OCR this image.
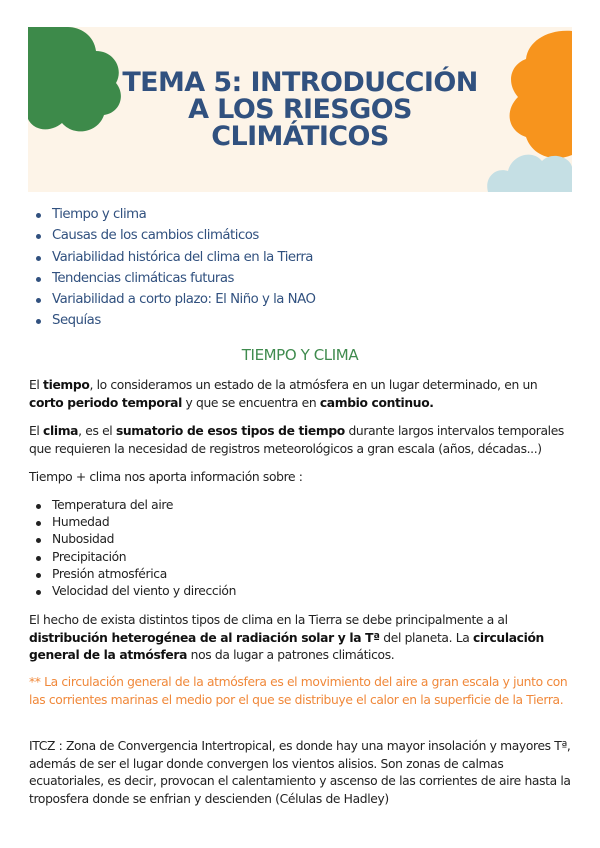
TEMA 5: INTRODUCCIÓN
A LOS RIESGOS
CLIMÁTICOS
Tiempo y clima
Causas de los cambios climáticos
Variabilidad histórica del clima en la Tierra
Tendencias climáticas futuras
Variabilidad a corto plazo: El Niño y la NAO
Sequías
TIEMPO Y CLIMA
El tiempo, lo consideramos un estado de la atmósfera en un lugar determinado, en un corto periodo temporal y que se encuentra en cambio continuo.
El clima, es el sumatorio de esos tipos de tiempo durante largos intervalos temporales que requieren la necesidad de registros meteorológicos a gran escala (años, décadas...)
Tiempo + clima nos aporta información sobre :
Temperatura del aire
Humedad
Nubosidad
Precipitación
Presión atmosférica
Velocidad del viento y dirección
El hecho de exista distintos tipos de clima en la Tierra se debe principalmente a al distribución heterogénea de al radiación solar y la Tª del planeta. La circulación general de la atmósfera nos da lugar a patrones climáticos.
** La circulación general de la atmósfera es el movimiento del aire a gran escala y junto con las corrientes marinas el medio por el que se distribuye el calor en la superficie de la Tierra.
ITCZ : Zona de Convergencia Intertropical, es donde hay una mayor insolación y mayores Tª, además de ser el lugar donde convergen los vientos alisios. Son zonas de calmas ecuatoriales, es decir, provocan el calentamiento y ascenso de las corrientes de aire hasta la troposfera donde se enfrian y descienden (Células de Hadley)
